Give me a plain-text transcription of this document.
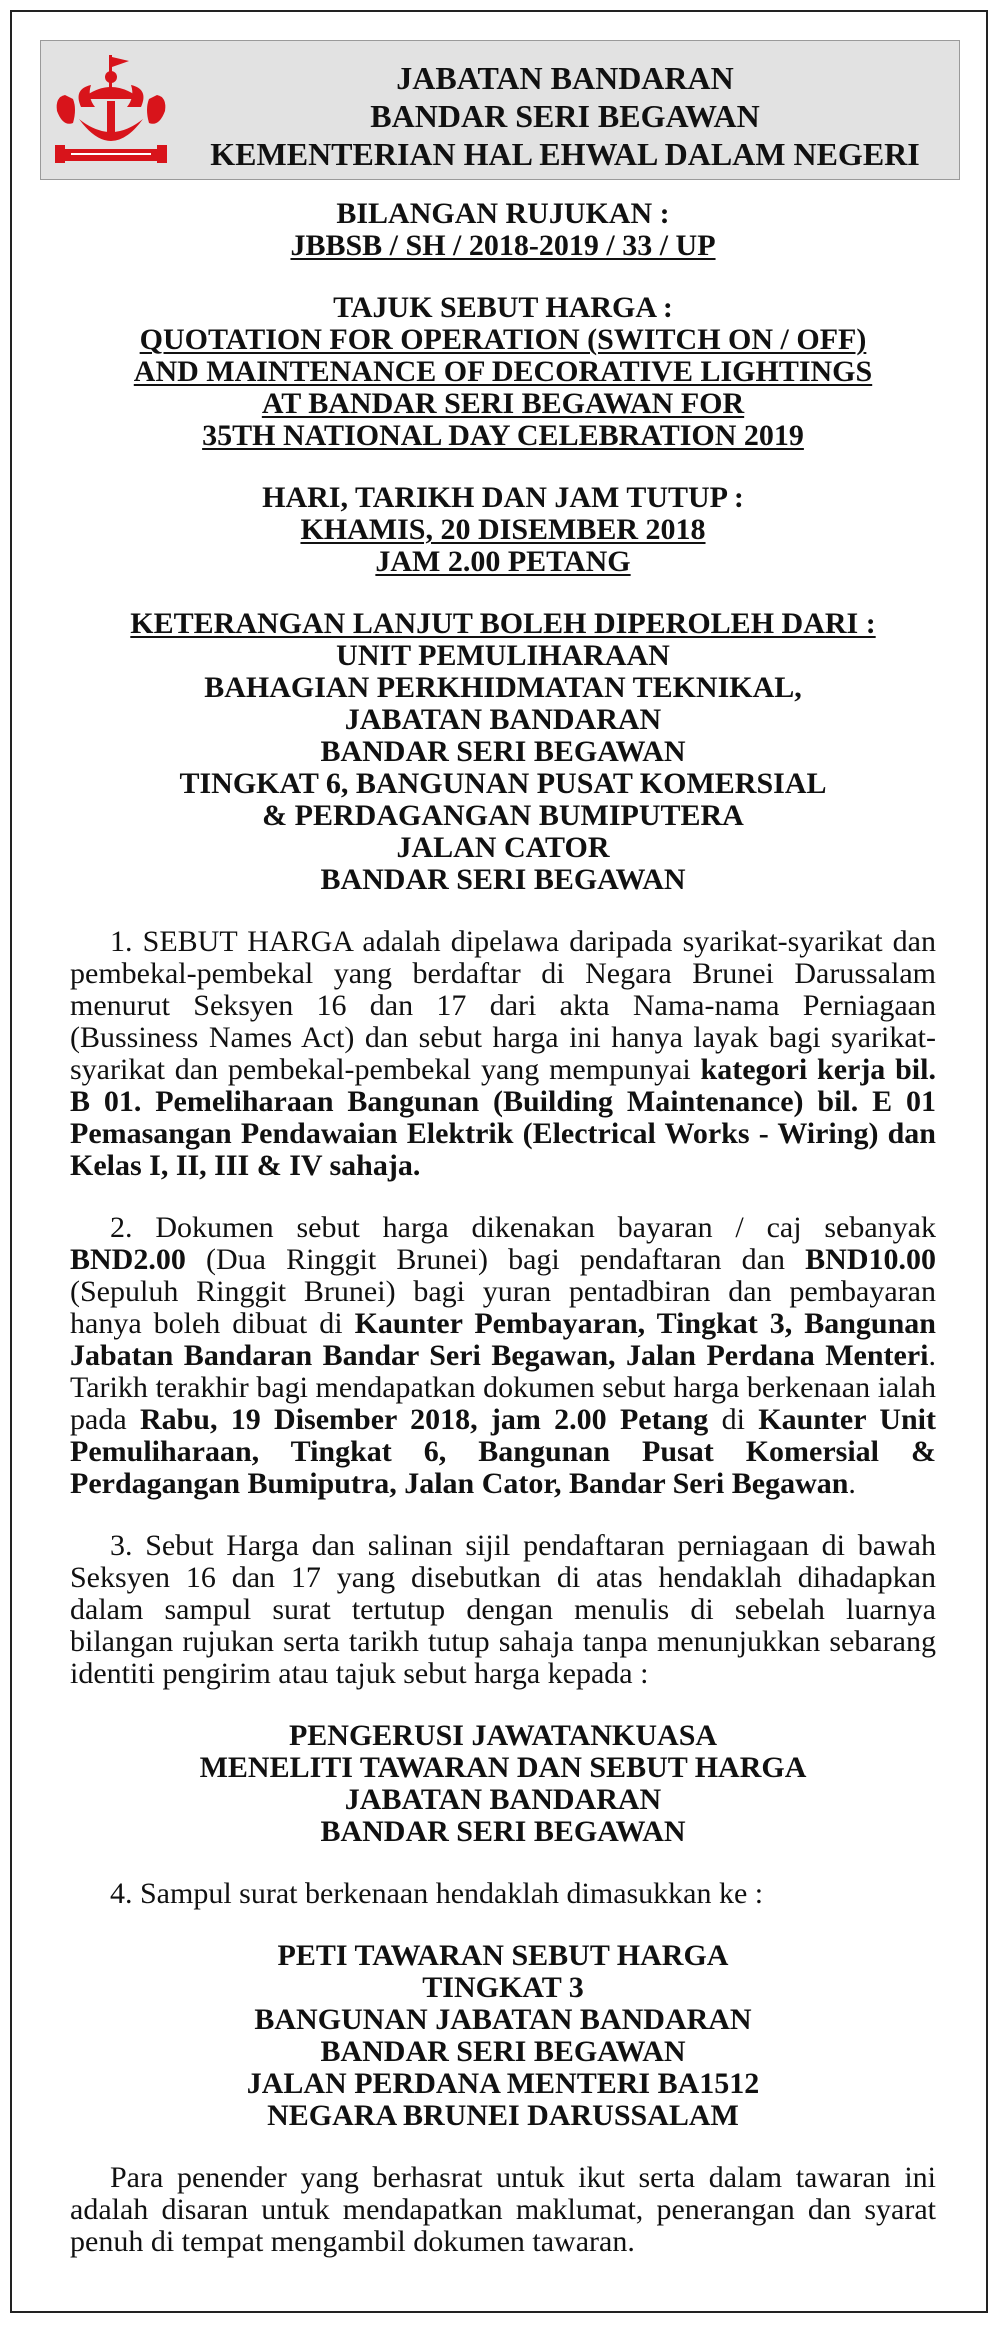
JABATAN BANDARAN
BANDAR SERI BEGAWAN
KEMENTERIAN HAL EHWAL DALAM NEGERI
BILANGAN RUJUKAN :
JBBSB / SH / 2018-2019 / 33 / UP
TAJUK SEBUT HARGA :
QUOTATION FOR OPERATION (SWITCH ON / OFF)
AND MAINTENANCE OF DECORATIVE LIGHTINGS
AT BANDAR SERI BEGAWAN FOR
35TH NATIONAL DAY CELEBRATION 2019
HARI, TARIKH DAN JAM TUTUP :
KHAMIS, 20 DISEMBER 2018
JAM 2.00 PETANG
KETERANGAN LANJUT BOLEH DIPEROLEH DARI :
UNIT PEMULIHARAAN
BAHAGIAN PERKHIDMATAN TEKNIKAL,
JABATAN BANDARAN
BANDAR SERI BEGAWAN
TINGKAT 6, BANGUNAN PUSAT KOMERSIAL
& PERDAGANGAN BUMIPUTERA
JALAN CATOR
BANDAR SERI BEGAWAN

1. SEBUT HARGA adalah dipelawa daripada syarikat-syarikat dan pembekal-pembekal yang berdaftar di Negara Brunei Darussalam menurut Seksyen 16 dan 17 dari akta Nama-nama Perniagaan (Bussiness Names Act) dan sebut harga ini hanya layak bagi syarikat-syarikat dan pembekal-pembekal yang mempunyai kategori kerja bil. B 01. Pemeliharaan Bangunan (Building Maintenance) bil. E 01 Pemasangan Pendawaian Elektrik (Electrical Works - Wiring) dan Kelas I, II, III & IV sahaja.

2. Dokumen sebut harga dikenakan bayaran / caj sebanyak BND2.00 (Dua Ringgit Brunei) bagi pendaftaran dan BND10.00 (Sepuluh Ringgit Brunei) bagi yuran pentadbiran dan pembayaran hanya boleh dibuat di Kaunter Pembayaran, Tingkat 3, Bangunan Jabatan Bandaran Bandar Seri Begawan, Jalan Perdana Menteri. Tarikh terakhir bagi mendapatkan dokumen sebut harga berkenaan ialah pada Rabu, 19 Disember 2018, jam 2.00 Petang di Kaunter Unit Pemuliharaan, Tingkat 6, Bangunan Pusat Komersial & Perdagangan Bumiputra, Jalan Cator, Bandar Seri Begawan.

3. Sebut Harga dan salinan sijil pendaftaran perniagaan di bawah Seksyen 16 dan 17 yang disebutkan di atas hendaklah dihadapkan dalam sampul surat tertutup dengan menulis di sebelah luarnya bilangan rujukan serta tarikh tutup sahaja tanpa menunjukkan sebarang identiti pengirim atau tajuk sebut harga kepada :

PENGERUSI JAWATANKUASA
MENELITI TAWARAN DAN SEBUT HARGA
JABATAN BANDARAN
BANDAR SERI BEGAWAN

4. Sampul surat berkenaan hendaklah dimasukkan ke :

PETI TAWARAN SEBUT HARGA
TINGKAT 3
BANGUNAN JABATAN BANDARAN
BANDAR SERI BEGAWAN
JALAN PERDANA MENTERI BA1512
NEGARA BRUNEI DARUSSALAM

Para penender yang berhasrat untuk ikut serta dalam tawaran ini adalah disaran untuk mendapatkan maklumat, penerangan dan syarat penuh di tempat mengambil dokumen tawaran.
